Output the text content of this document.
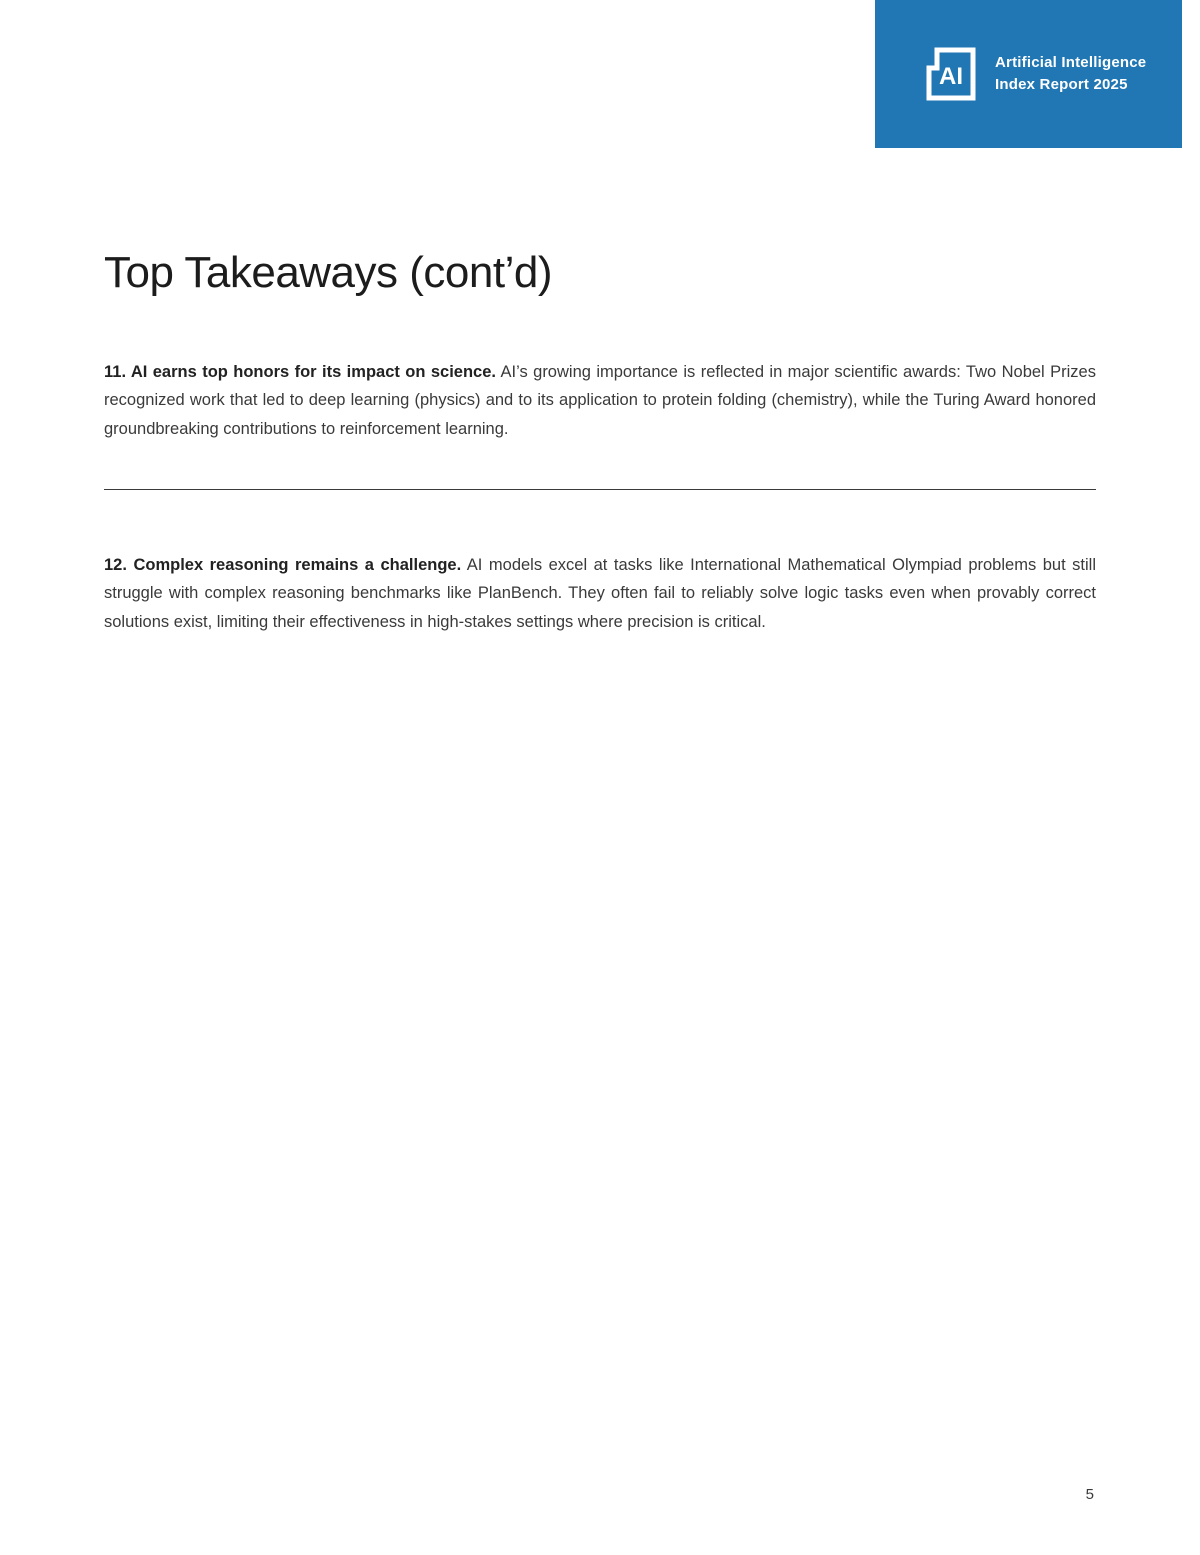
AI
Artificial Intelligence
Index Report 2025
Top Takeaways (cont’d)

11. AI earns top honors for its impact on science. AI’s growing importance is reflected in major scientific awards: Two Nobel Prizes recognized work that led to deep learning (physics) and to its application to protein folding (chemistry), while the Turing Award honored groundbreaking contributions to reinforcement learning.

12. Complex reasoning remains a challenge. AI models excel at tasks like International Mathematical Olympiad problems but still struggle with complex reasoning benchmarks like PlanBench. They often fail to reliably solve logic tasks even when provably correct solutions exist, limiting their effectiveness in high-stakes settings where precision is critical.

5
